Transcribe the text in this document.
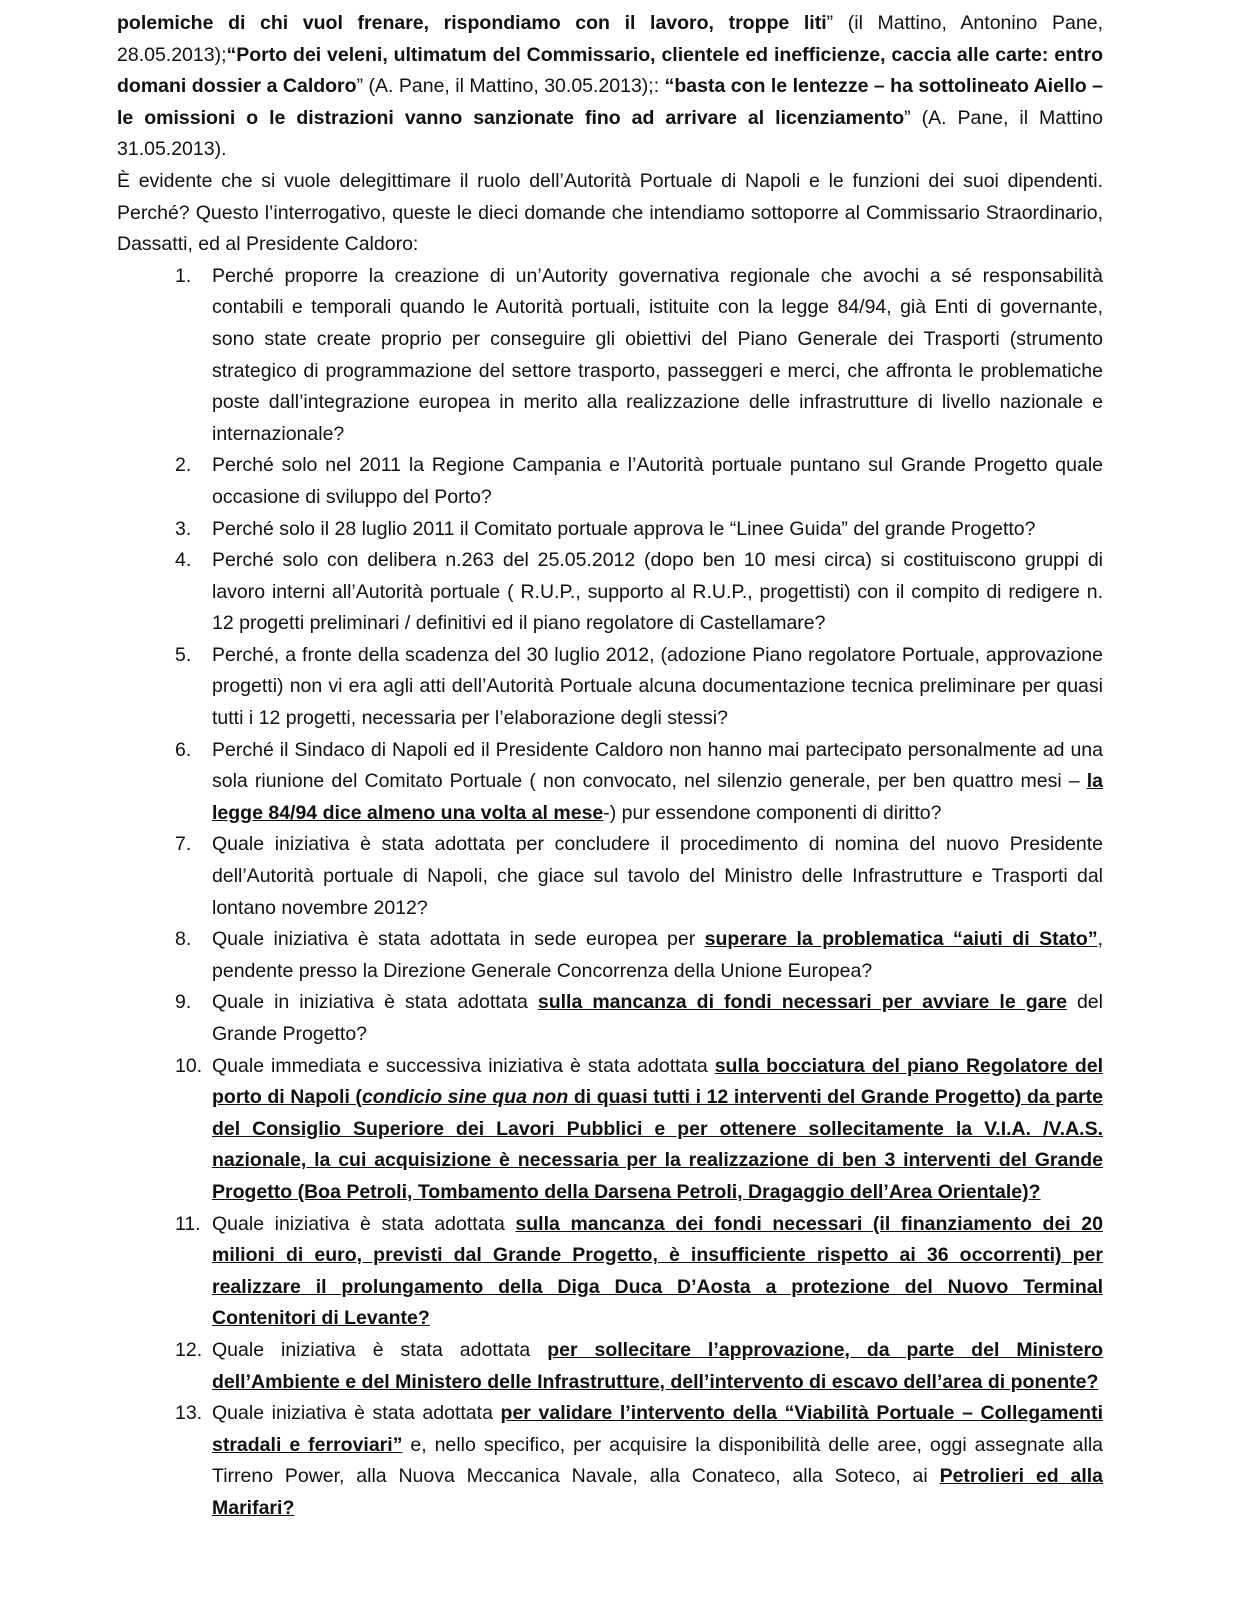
polemiche di chi vuol frenare, rispondiamo con il lavoro, troppe liti” (il Mattino, Antonino Pane, 28.05.2013);“Porto dei veleni, ultimatum del Commissario, clientele ed inefficienze, caccia alle carte: entro domani dossier a Caldoro” (A. Pane, il Mattino, 30.05.2013);: “basta con le lentezze – ha sottolineato Aiello – le omissioni o le distrazioni vanno sanzionate fino ad arrivare al licenziamento” (A. Pane, il Mattino 31.05.2013).

È evidente che si vuole delegittimare il ruolo dell’Autorità Portuale di Napoli e le funzioni dei suoi dipendenti. Perché? Questo l’interrogativo, queste le dieci domande che intendiamo sottoporre al Commissario Straordinario, Dassatti, ed al Presidente Caldoro:

1. Perché proporre la creazione di un’Autority governativa regionale che avochi a sé responsabilità contabili e temporali quando le Autorità portuali, istituite con la legge 84/94, già Enti di governante, sono state create proprio per conseguire gli obiettivi del Piano Generale dei Trasporti (strumento strategico di programmazione del settore trasporto, passeggeri e merci, che affronta le problematiche poste dall’integrazione europea in merito alla realizzazione delle infrastrutture di livello nazionale e internazionale?
2. Perché solo nel 2011 la Regione Campania e l’Autorità portuale puntano sul Grande Progetto quale occasione di sviluppo del Porto?
3. Perché solo il 28 luglio 2011 il Comitato portuale approva le “Linee Guida” del grande Progetto?
4. Perché solo con delibera n.263 del 25.05.2012 (dopo ben 10 mesi circa) si costituiscono gruppi di lavoro interni all’Autorità portuale ( R.U.P., supporto al R.U.P., progettisti) con il compito di redigere n. 12 progetti preliminari / definitivi ed il piano regolatore di Castellamare?
5. Perché, a fronte della scadenza del 30 luglio 2012, (adozione Piano regolatore Portuale, approvazione progetti) non vi era agli atti dell’Autorità Portuale alcuna documentazione tecnica preliminare per quasi tutti i 12 progetti, necessaria per l’elaborazione degli stessi?
6. Perché il Sindaco di Napoli ed il Presidente Caldoro non hanno mai partecipato personalmente ad una sola riunione del Comitato Portuale ( non convocato, nel silenzio generale, per ben quattro mesi – la legge 84/94 dice almeno una volta al mese-) pur essendone componenti di diritto?
7. Quale iniziativa è stata adottata per concludere il procedimento di nomina del nuovo Presidente dell’Autorità portuale di Napoli, che giace sul tavolo del Ministro delle Infrastrutture e Trasporti dal lontano novembre 2012?
8. Quale iniziativa è stata adottata in sede europea per superare la problematica “aiuti di Stato”, pendente presso la Direzione Generale Concorrenza della Unione Europea?
9. Quale in iniziativa è stata adottata sulla mancanza di fondi necessari per avviare le gare del Grande Progetto?
10. Quale immediata e successiva iniziativa è stata adottata sulla bocciatura del piano Regolatore del porto di Napoli (condicio sine qua non di quasi tutti i 12 interventi del Grande Progetto) da parte del Consiglio Superiore dei Lavori Pubblici e per ottenere sollecitamente la V.I.A. /V.A.S. nazionale, la cui acquisizione è necessaria per la realizzazione di ben 3 interventi del Grande Progetto (Boa Petroli, Tombamento della Darsena Petroli, Dragaggio dell’Area Orientale)?
11. Quale iniziativa è stata adottata sulla mancanza dei fondi necessari (il finanziamento dei 20 milioni di euro, previsti dal Grande Progetto, è insufficiente rispetto ai 36 occorrenti) per realizzare il prolungamento della Diga Duca D’Aosta a protezione del Nuovo Terminal Contenitori di Levante?
12. Quale iniziativa è stata adottata per sollecitare l’approvazione, da parte del Ministero dell’Ambiente e del Ministero delle Infrastrutture, dell’intervento di escavo dell’area di ponente?
13. Quale iniziativa è stata adottata per validare l’intervento della “Viabilità Portuale – Collegamenti stradali e ferroviari” e, nello specifico, per acquisire la disponibilità delle aree, oggi assegnate alla Tirreno Power, alla Nuova Meccanica Navale, alla Conateco, alla Soteco, ai Petrolieri ed alla Marifari?
